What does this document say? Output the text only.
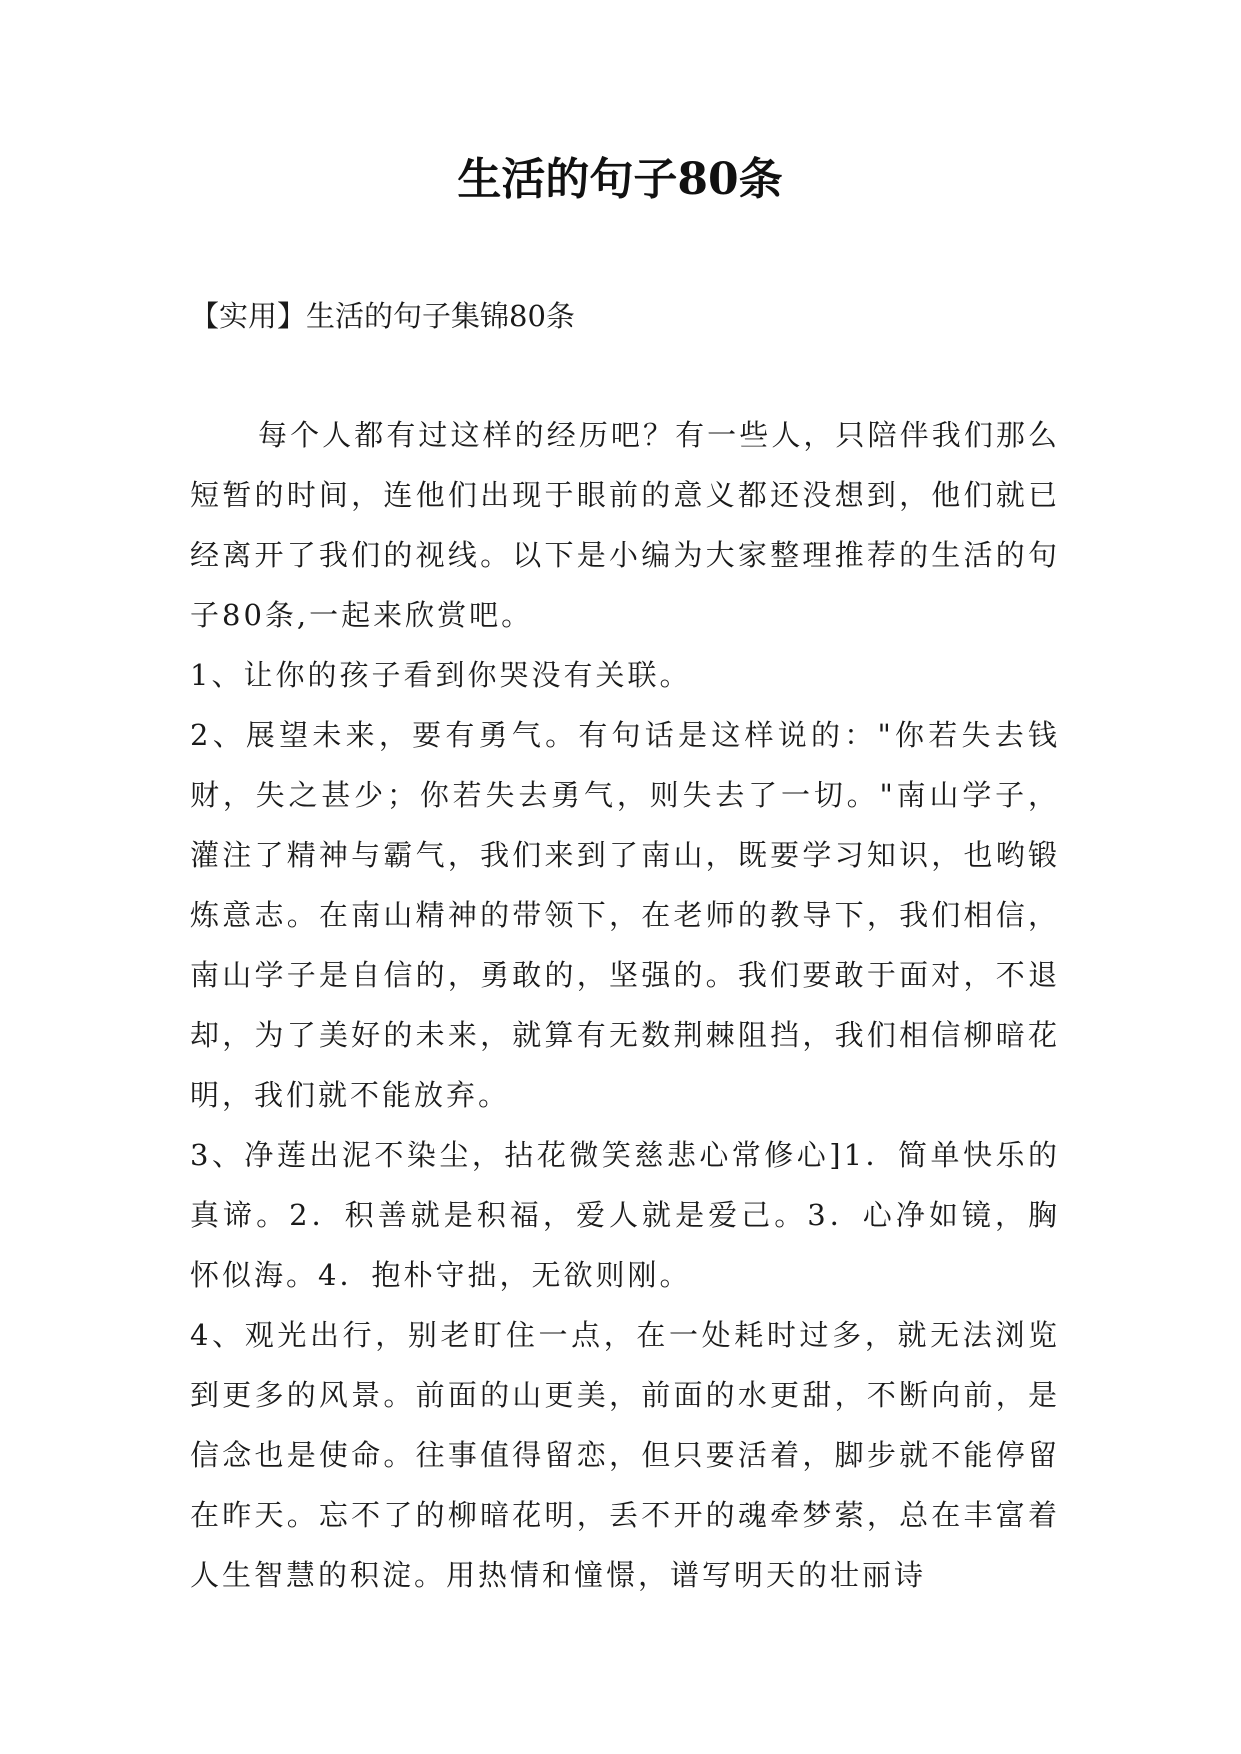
生活的句子80条

【实用】生活的句子集锦80条

每个人都有过这样的经历吧？有一些人，只陪伴我们那么短暂的时间，连他们出现于眼前的意义都还没想到，他们就已经离开了我们的视线。以下是小编为大家整理推荐的生活的句子80条,一起来欣赏吧。

1、让你的孩子看到你哭没有关联。

2、展望未来，要有勇气。有句话是这样说的："你若失去钱财，失之甚少；你若失去勇气，则失去了一切。"南山学子，灌注了精神与霸气，我们来到了南山，既要学习知识，也哟锻炼意志。在南山精神的带领下，在老师的教导下，我们相信，南山学子是自信的，勇敢的，坚强的。我们要敢于面对，不退却，为了美好的未来，就算有无数荆棘阻挡，我们相信柳暗花明，我们就不能放弃。

3、净莲出泥不染尘，拈花微笑慈悲心常修心]1．简单快乐的真谛。2．积善就是积福，爱人就是爱己。3．心净如镜，胸怀似海。4．抱朴守拙，无欲则刚。

4、观光出行，别老盯住一点，在一处耗时过多，就无法浏览到更多的风景。前面的山更美，前面的水更甜，不断向前，是信念也是使命。往事值得留恋，但只要活着，脚步就不能停留在昨天。忘不了的柳暗花明，丢不开的魂牵梦萦，总在丰富着人生智慧的积淀。用热情和憧憬，谱写明天的壮丽诗
